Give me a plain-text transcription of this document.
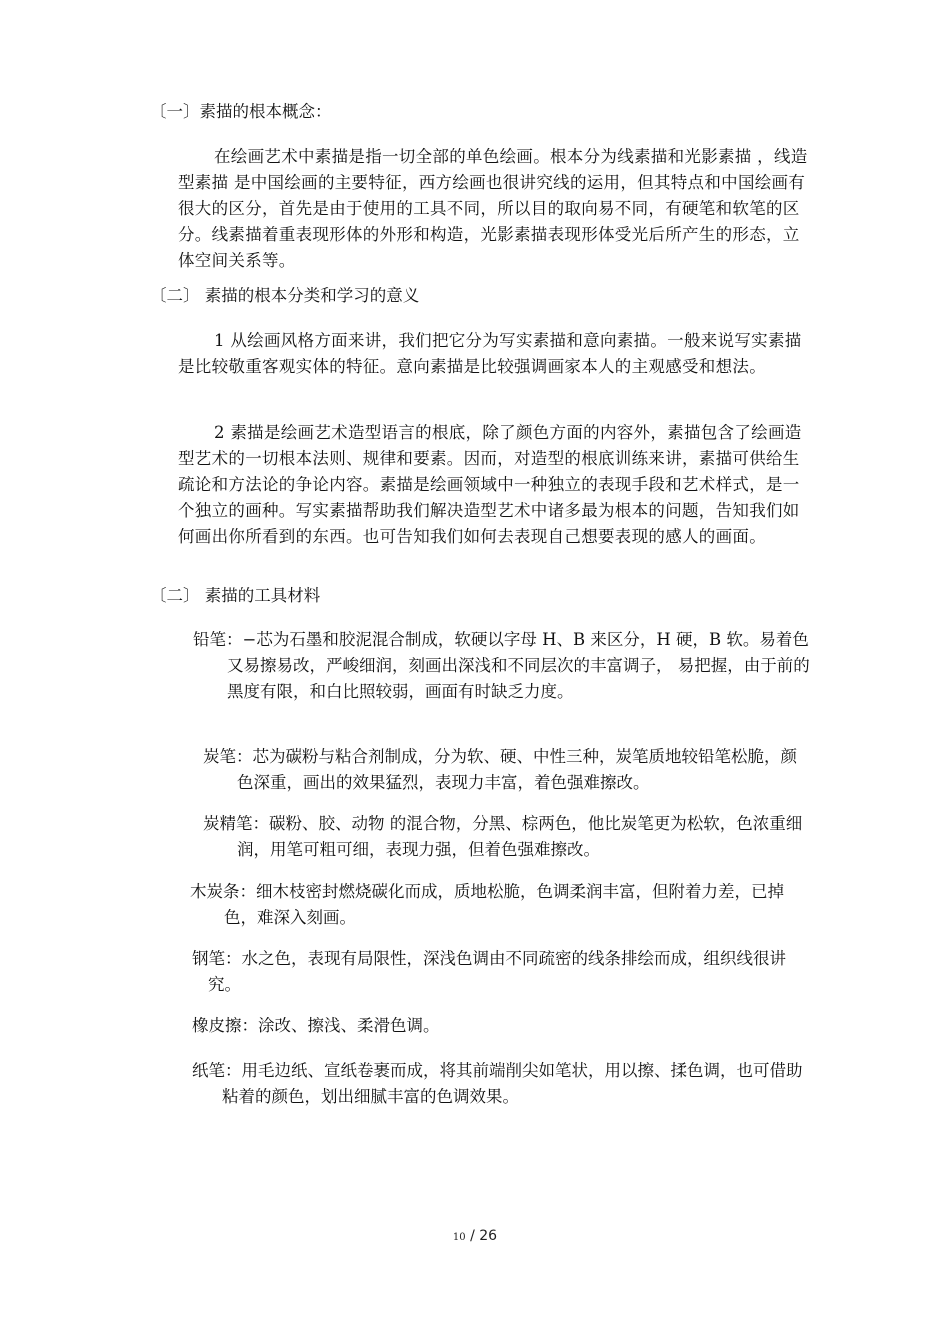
〔一〕素描的根本概念：
在绘画艺术中素描是指一切全部的单色绘画。根本分为线素描和光影素描 ，线造型素描 是中国绘画的主要特征，西方绘画也很讲究线的运用，但其特点和中国绘画有很大的区分，首先是由于使用的工具不同，所以目的取向易不同，有硬笔和软笔的区分。线素描着重表现形体的外形和构造，光影素描表现形体受光后所产生的形态，立体空间关系等。
〔二〕 素描的根本分类和学习的意义
1 从绘画风格方面来讲，我们把它分为写实素描和意向素描。一般来说写实素描是比较敬重客观实体的特征。意向素描是比较强调画家本人的主观感受和想法。
2 素描是绘画艺术造型语言的根底，除了颜色方面的内容外，素描包含了绘画造型艺术的一切根本法则、规律和要素。因而，对造型的根底训练来讲，素描可供给生疏论和方法论的争论内容。素描是绘画领域中一种独立的表现手段和艺术样式，是一个独立的画种。写实素描帮助我们解决造型艺术中诸多最为根本的问题，告知我们如何画出你所看到的东西。也可告知我们如何去表现自己想要表现的感人的画面。
〔二〕 素描的工具材料
铅笔：−芯为石墨和胶泥混合制成，软硬以字母 H、B 来区分，H 硬，B 软。易着色又易擦易改，严峻细润，刻画出深浅和不同层次的丰富调子， 易把握，由于前的黑度有限，和白比照较弱，画面有时缺乏力度。
炭笔：芯为碳粉与粘合剂制成，分为软、硬、中性三种，炭笔质地较铅笔松脆，颜色深重，画出的效果猛烈，表现力丰富，着色强难擦改。
炭精笔：碳粉、胶、动物 的混合物，分黑、棕两色，他比炭笔更为松软，色浓重细润，用笔可粗可细，表现力强，但着色强难擦改。
木炭条：细木枝密封燃烧碳化而成，质地松脆，色调柔润丰富，但附着力差，已掉色，难深入刻画。
钢笔：水之色，表现有局限性，深浅色调由不同疏密的线条排绘而成，组织线很讲究。
橡皮擦：涂改、擦浅、柔滑色调。
纸笔：用毛边纸、宣纸卷裹而成，将其前端削尖如笔状，用以擦、揉色调，也可借助粘着的颜色，划出细腻丰富的色调效果。
10 / 26
